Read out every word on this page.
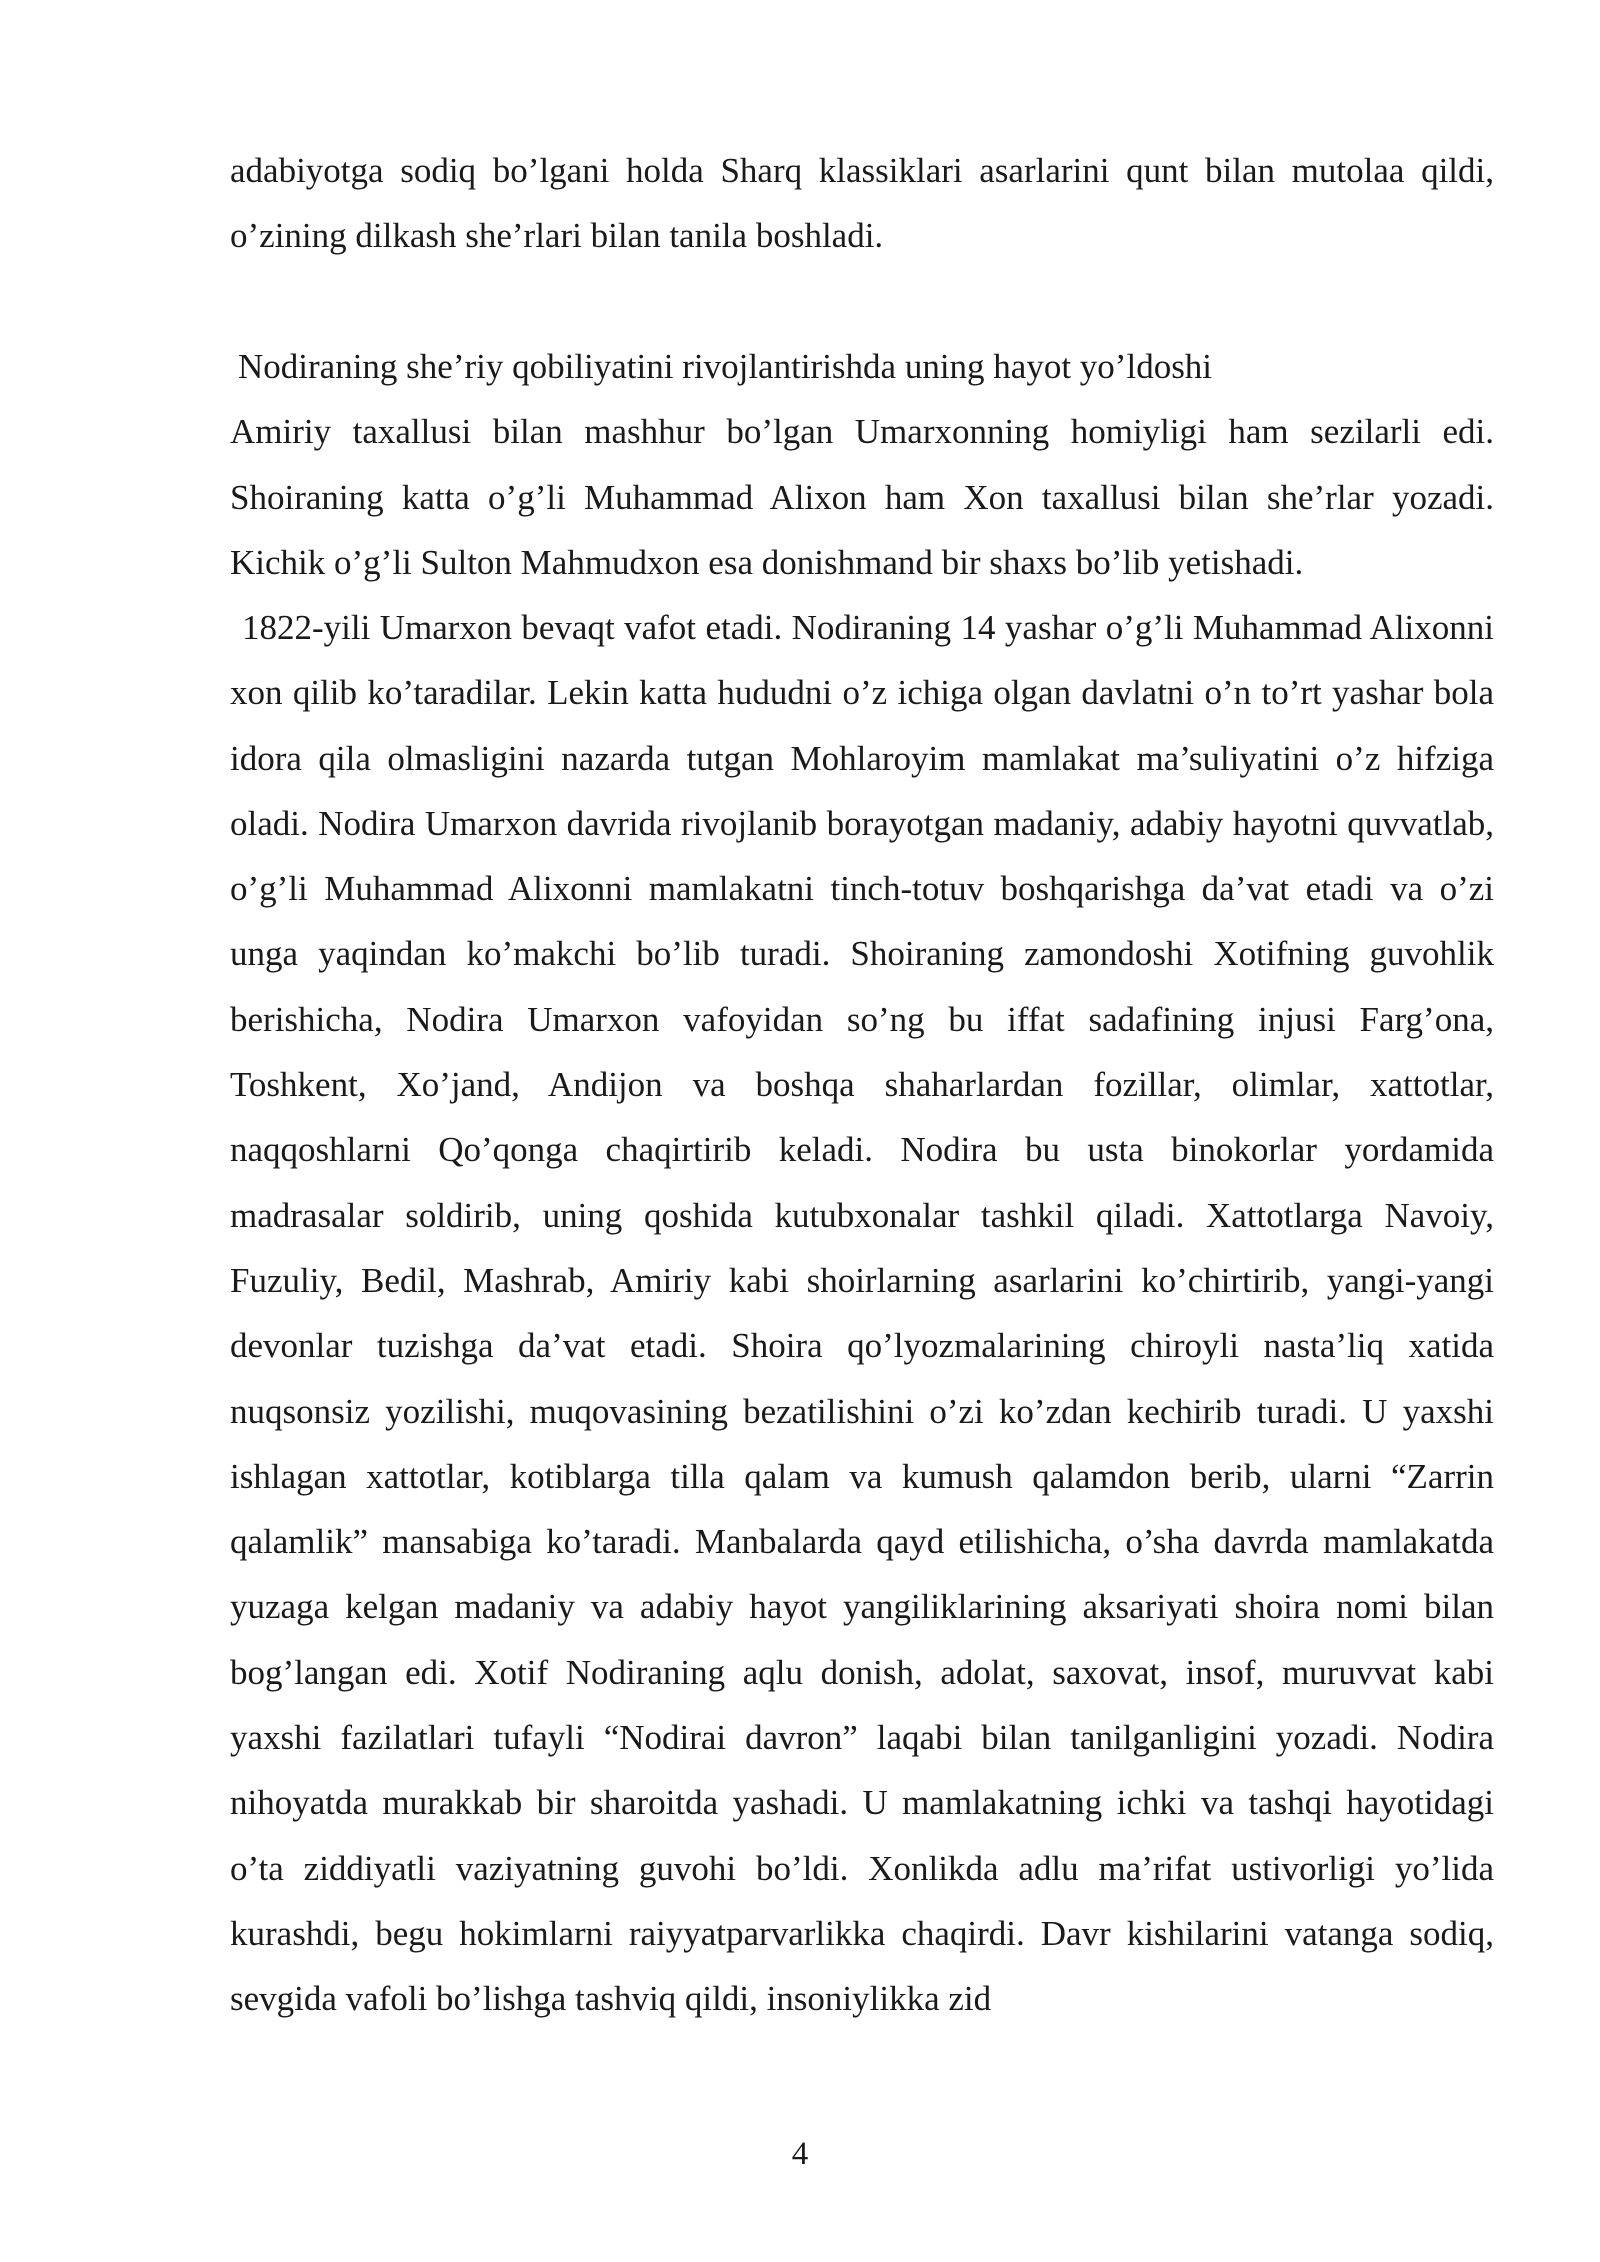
adabiyotga sodiq bo’lgani holda Sharq klassiklari asarlarini qunt bilan mutolaa qildi, o’zining dilkash she’rlari bilan tanila boshladi.

Nodiraning she’riy qobiliyatini rivojlantirishda uning hayot yo’ldoshi
Amiriy taxallusi bilan mashhur bo’lgan Umarxonning homiyligi ham sezilarli edi. Shoiraning katta o’g’li Muhammad Alixon ham Xon taxallusi bilan she’rlar yozadi. Kichik o’g’li Sulton Mahmudxon esa donishmand bir shaxs bo’lib yetishadi.

1822-yili Umarxon bevaqt vafot etadi. Nodiraning 14 yashar o’g’li Muhammad Alixonni xon qilib ko’taradilar. Lekin katta hududni o’z ichiga olgan davlatni o’n to’rt yashar bola idora qila olmasligini nazarda tutgan Mohlaroyim mamlakat ma’suliyatini o’z hifziga oladi. Nodira Umarxon davrida rivojlanib borayotgan madaniy, adabiy hayotni quvvatlab, o’g’li Muhammad Alixonni mamlakatni tinch-totuv boshqarishga da’vat etadi va o’zi unga yaqindan ko’makchi bo’lib turadi. Shoiraning zamondoshi Xotifning guvohlik berishicha, Nodira Umarxon vafoyidan so’ng bu iffat sadafining injusi Farg’ona, Toshkent, Xo’jand, Andijon va boshqa shaharlardan fozillar, olimlar, xattotlar, naqqoshlarni Qo’qonga chaqirtirib keladi. Nodira bu usta binokorlar yordamida madrasalar soldirib, uning qoshida kutubxonalar tashkil qiladi. Xattotlarga Navoiy, Fuzuliy, Bedil, Mashrab, Amiriy kabi shoirlarning asarlarini ko’chirtirib, yangi-yangi devonlar tuzishga da’vat etadi. Shoira qo’lyozmalarining chiroyli nasta’liq xatida nuqsonsiz yozilishi, muqovasining bezatilishini o’zi ko’zdan kechirib turadi. U yaxshi ishlagan xattotlar, kotiblarga tilla qalam va kumush qalamdon berib, ularni “Zarrin qalamlik” mansabiga ko’taradi. Manbalarda qayd etilishicha, o’sha davrda mamlakatda yuzaga kelgan madaniy va adabiy hayot yangiliklarining aksariyati shoira nomi bilan bog’langan edi. Xotif Nodiraning aqlu donish, adolat, saxovat, insof, muruvvat kabi yaxshi fazilatlari tufayli “Nodirai davron” laqabi bilan tanilganligini yozadi. Nodira nihoyatda murakkab bir sharoitda yashadi. U mamlakatning ichki va tashqi hayotidagi o’ta ziddiyatli vaziyatning guvohi bo’ldi. Xonlikda adlu ma’rifat ustivorligi yo’lida kurashdi, begu hokimlarni raiyyatparvarlikka chaqirdi. Davr kishilarini vatanga sodiq, sevgida vafoli bo’lishga tashviq qildi, insoniylikka zid

4
